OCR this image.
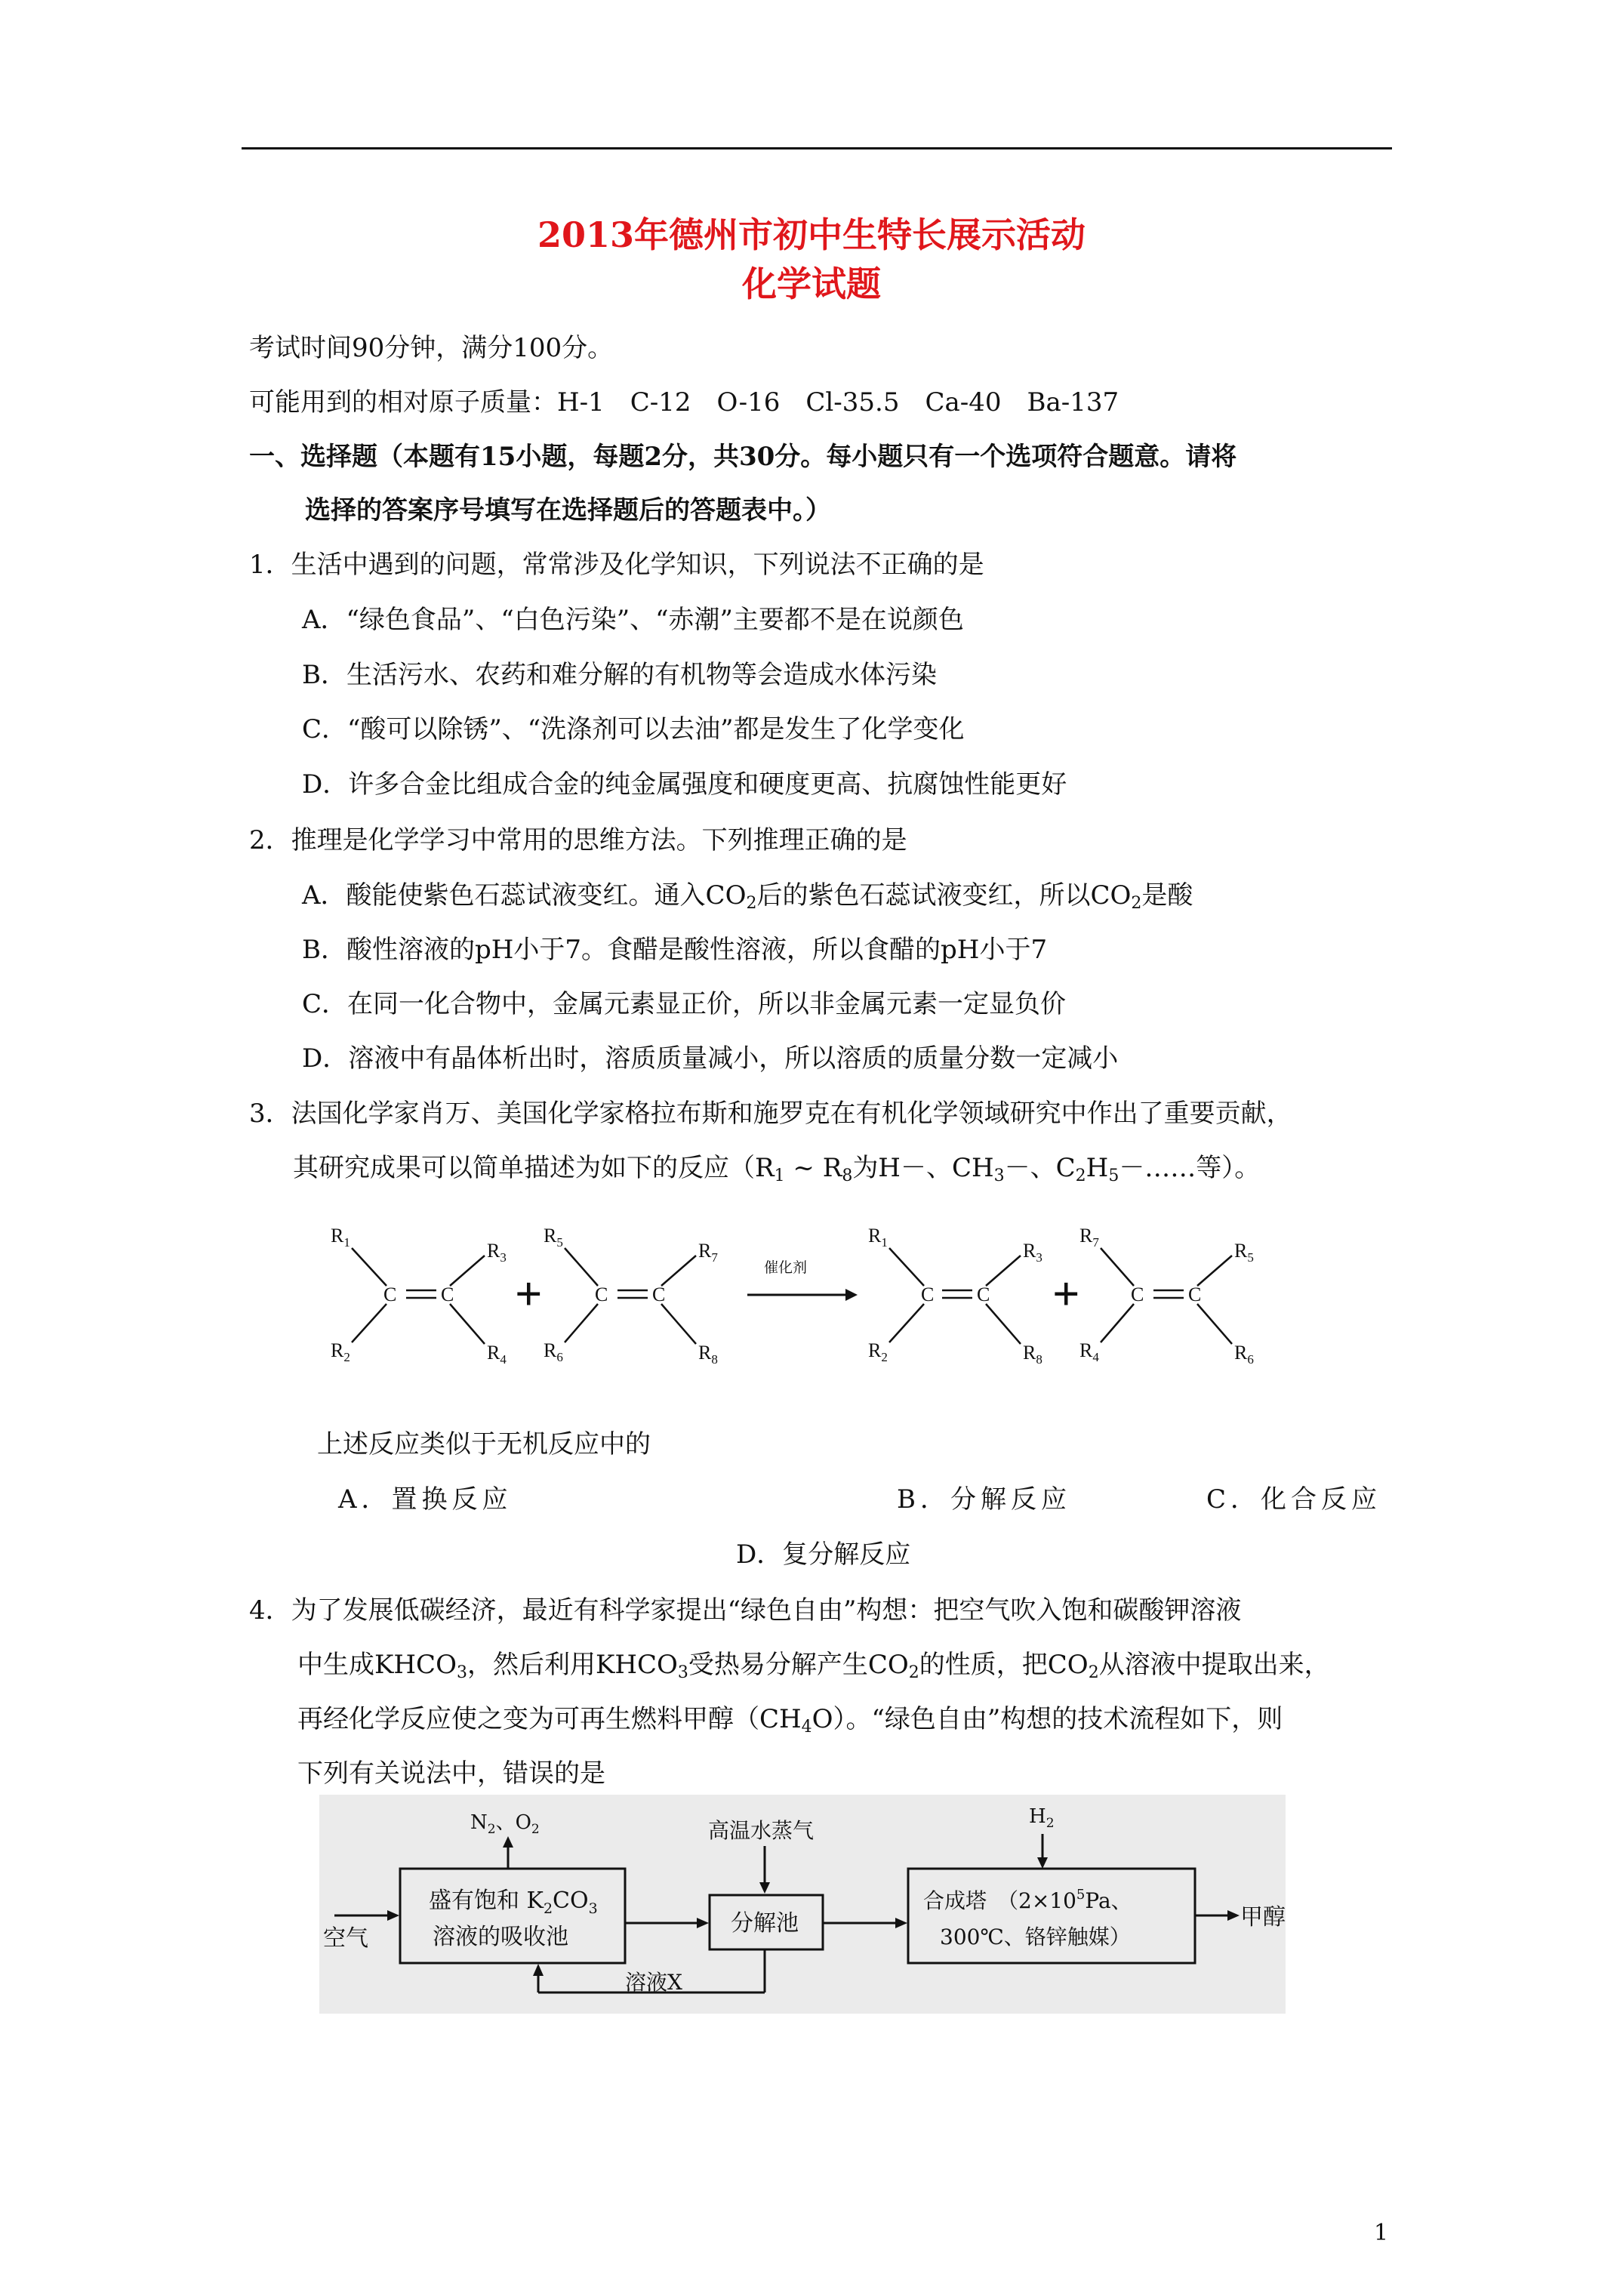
2013年德州市初中生特长展示活动
化学试题
考试时间90分钟，满分100分。
可能用到的相对原子质量：H-1　C-12　O-16　Cl-35.5　Ca-40　Ba-137
一、选择题（本题有15小题，每题2分，共30分。每小题只有一个选项符合题意。请将
选择的答案序号填写在选择题后的答题表中。）
1．生活中遇到的问题，常常涉及化学知识，下列说法不正确的是
A．“绿色食品”、“白色污染”、“赤潮”主要都不是在说颜色
B．生活污水、农药和难分解的有机物等会造成水体污染
C．“酸可以除锈”、“洗涤剂可以去油”都是发生了化学变化
D．许多合金比组成合金的纯金属强度和硬度更高、抗腐蚀性能更好
2．推理是化学学习中常用的思维方法。下列推理正确的是
A．酸能使紫色石蕊试液变红。通入$CO_2$后的紫色石蕊试液变红，所以$CO_2$是酸
B．酸性溶液的pH小于7。食醋是酸性溶液，所以食醋的pH小于7
C．在同一化合物中，金属元素显正价，所以非金属元素一定显负价
D．溶液中有晶体析出时，溶质质量减小，所以溶质的质量分数一定减小
3．法国化学家肖万、美国化学家格拉布斯和施罗克在有机化学领域研究中作出了重要贡献，
其研究成果可以简单描述为如下的反应（$R_1$ ~ $R_8$为H－、$CH_3-$、$C_2H_5-\dots\dots$等）。
$R_1$
$R_2$
$R_3$
$R_4$
C C +
$R_5$
$R_6$
$R_7$
$R_8$
C C
催化剂
$R_1$
$R_2$
$R_3$
$R_8$
C C +
$R_7$
$R_4$
$R_5$
$R_6$
C C
上述反应类似于无机反应中的
A．置换反应	B．分解反应	C．化合反应
D．复分解反应
4．为了发展低碳经济，最近有科学家提出“绿色自由”构想：把空气吹入饱和碳酸钾溶液
中生成$KHCO_3$，然后利用$KHCO_3$受热易分解产生$CO_2$的性质，把$CO_2$从溶液中提取出来，
再经化学反应使之变为可再生燃料甲醇$(CH_4O)$。“绿色自由”构想的技术流程如下，则
下列有关说法中，错误的是
$N_2$、$O_2$	高温水蒸气
$H_2$
盛有饱和 $K_2CO_3$
溶液的吸收池
分解池
合成塔　（$2\times 10^5Pa$、
300℃、铬锌触媒）
空气
甲醇
溶液X
1
